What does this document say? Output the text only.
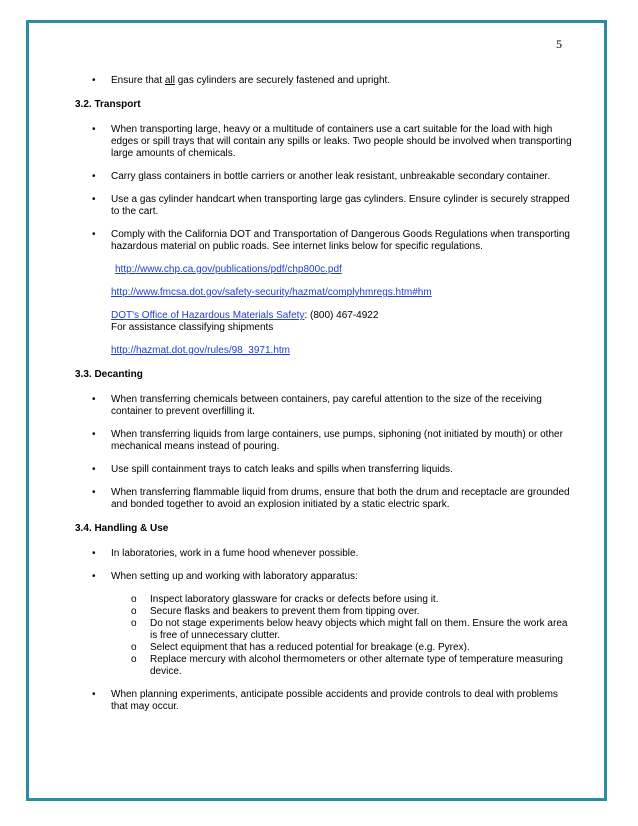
5
• Ensure that all gas cylinders are securely fastened and upright.
3.2. Transport
• When transporting large, heavy or a multitude of containers use a cart suitable for the load with high edges or spill trays that will contain any spills or leaks. Two people should be involved when transporting large amounts of chemicals.
• Carry glass containers in bottle carriers or another leak resistant, unbreakable secondary container.
• Use a gas cylinder handcart when transporting large gas cylinders. Ensure cylinder is securely strapped to the cart.
• Comply with the California DOT and Transportation of Dangerous Goods Regulations when transporting hazardous material on public roads. See internet links below for specific regulations.
http://www.chp.ca.gov/publications/pdf/chp800c.pdf
http://www.fmcsa.dot.gov/safety-security/hazmat/complyhmregs.htm#hm
DOT's Office of Hazardous Materials Safety: (800) 467-4922
For assistance classifying shipments
http://hazmat.dot.gov/rules/98_3971.htm
3.3. Decanting
• When transferring chemicals between containers, pay careful attention to the size of the receiving container to prevent overfilling it.
• When transferring liquids from large containers, use pumps, siphoning (not initiated by mouth) or other mechanical means instead of pouring.
• Use spill containment trays to catch leaks and spills when transferring liquids.
• When transferring flammable liquid from drums, ensure that both the drum and receptacle are grounded and bonded together to avoid an explosion initiated by a static electric spark.
3.4. Handling & Use
• In laboratories, work in a fume hood whenever possible.
• When setting up and working with laboratory apparatus:
o Inspect laboratory glassware for cracks or defects before using it.
o Secure flasks and beakers to prevent them from tipping over.
o Do not stage experiments below heavy objects which might fall on them. Ensure the work area is free of unnecessary clutter.
o Select equipment that has a reduced potential for breakage (e.g. Pyrex).
o Replace mercury with alcohol thermometers or other alternate type of temperature measuring device.
• When planning experiments, anticipate possible accidents and provide controls to deal with problems that may occur.
